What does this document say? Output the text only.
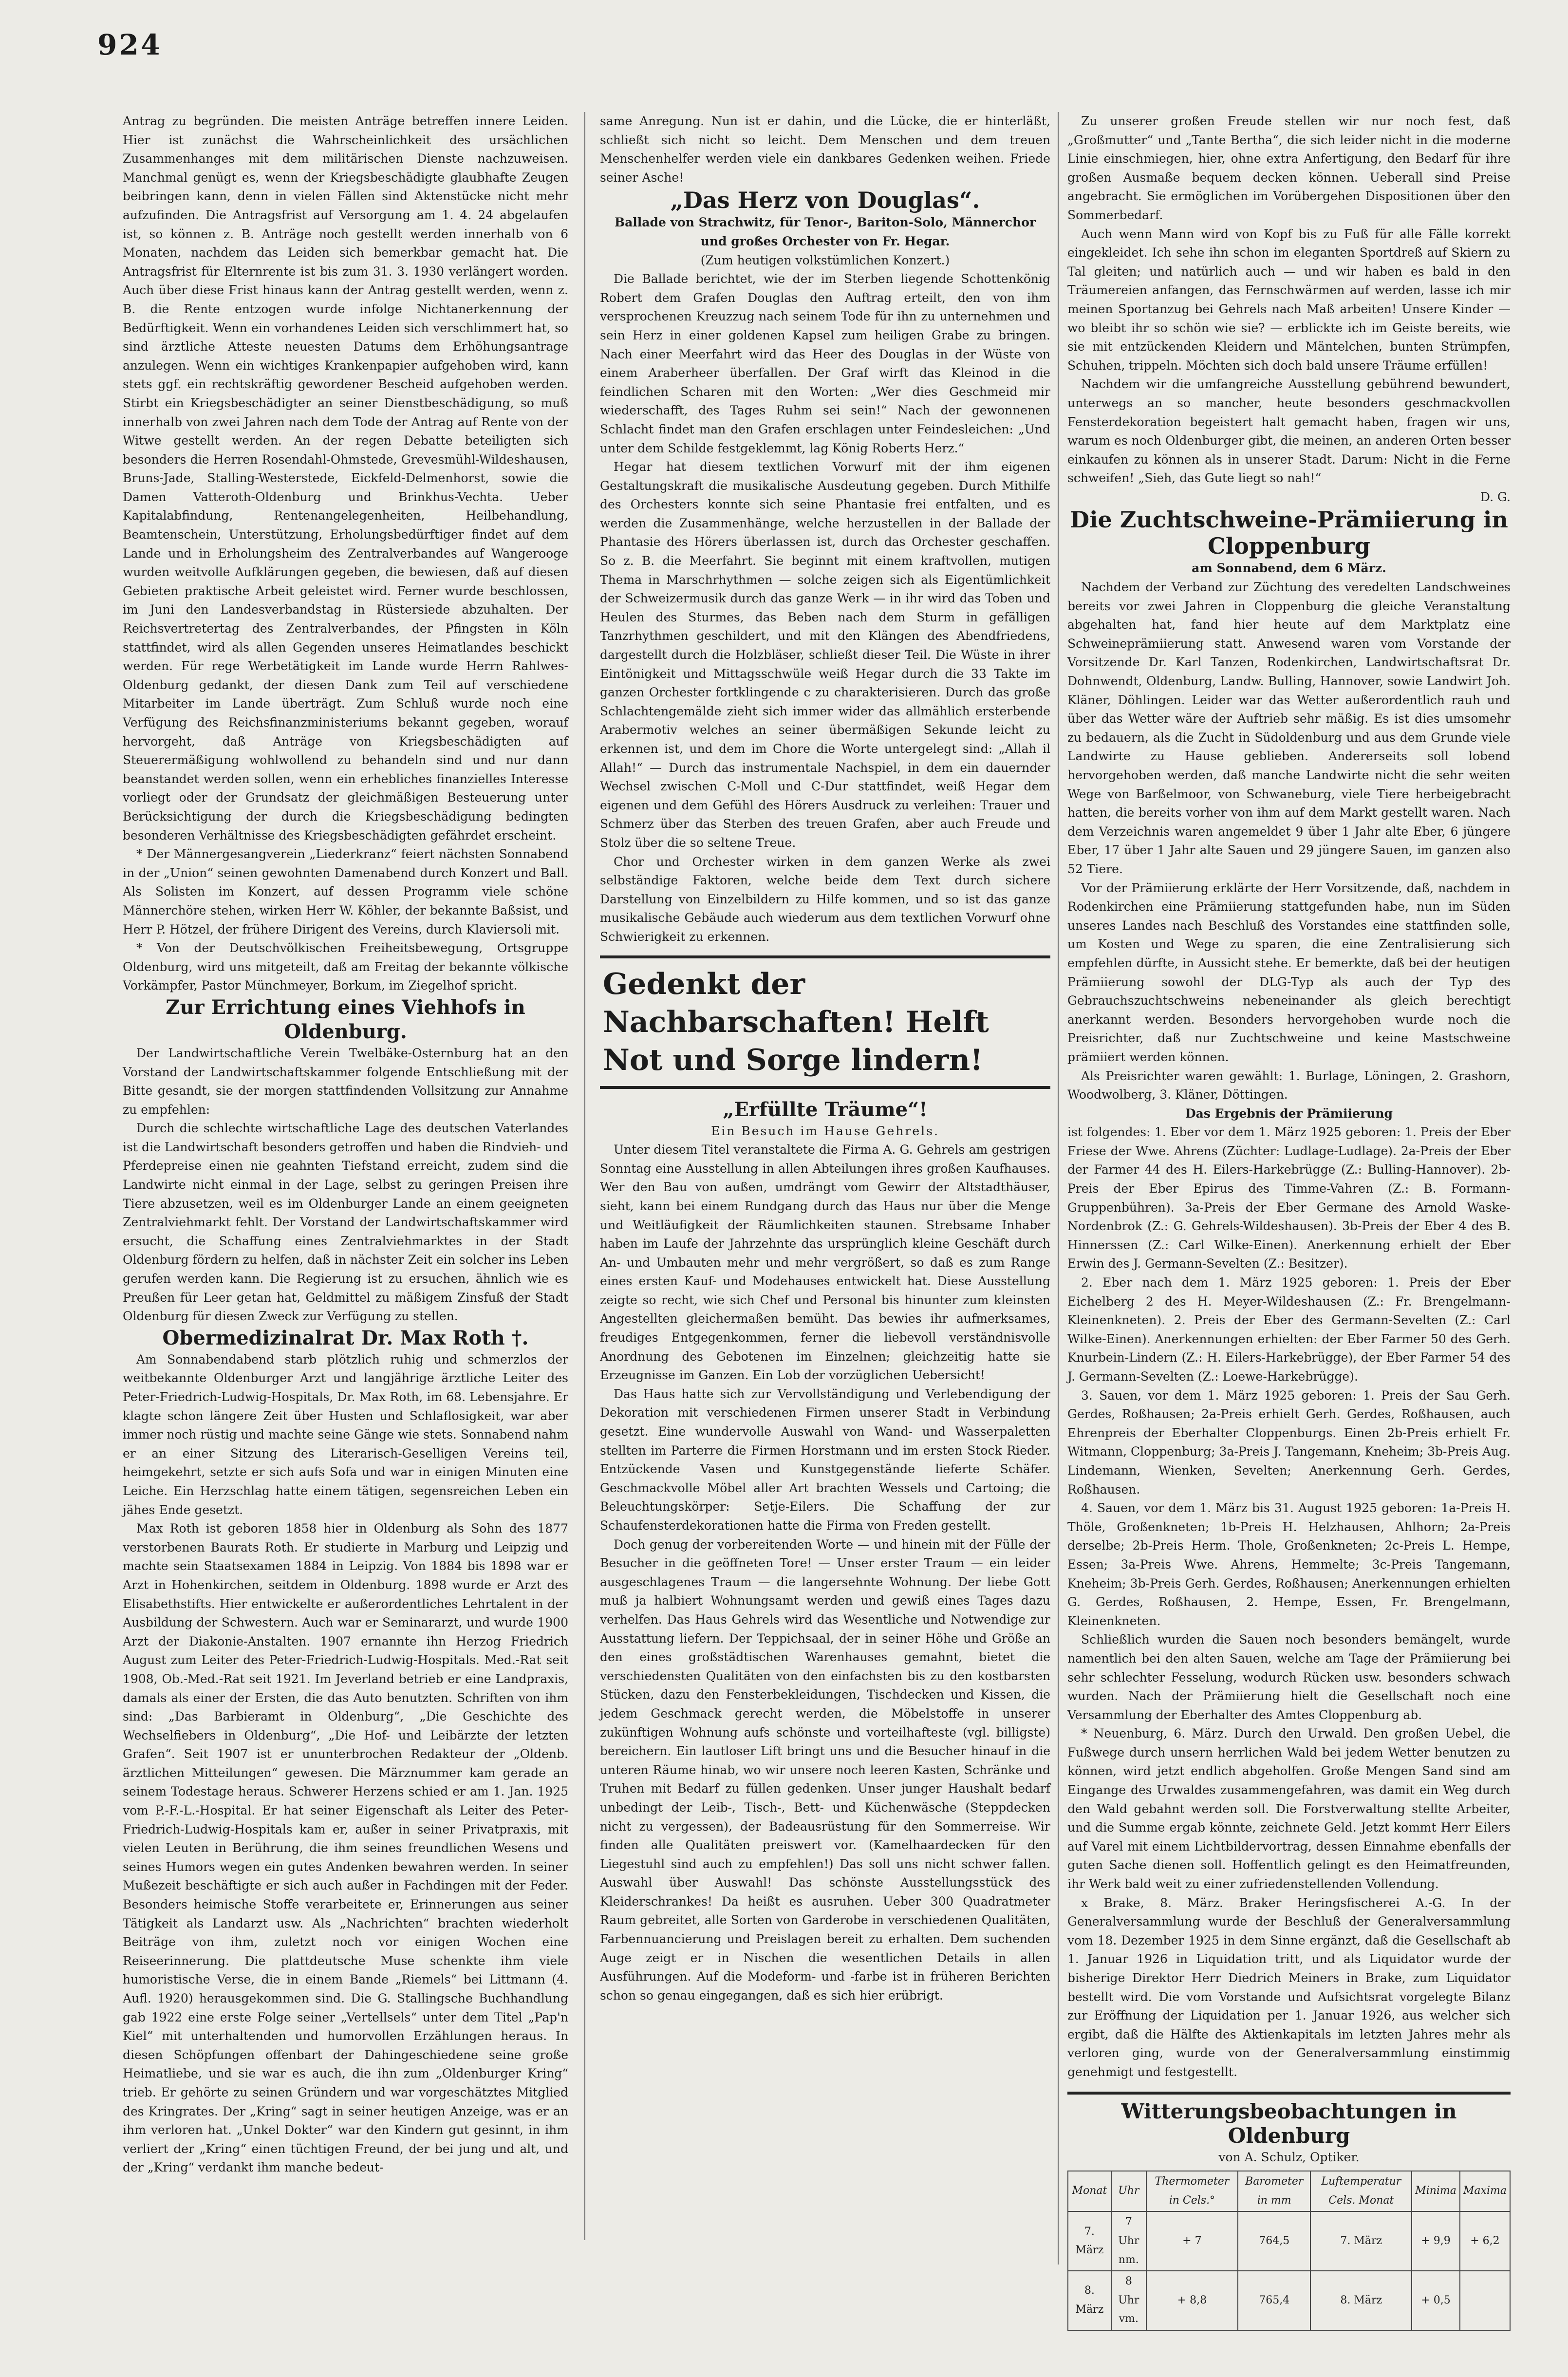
924

Antrag zu begründen. Die meisten Anträge betreffen innere Leiden. Hier ist zunächst die Wahrscheinlichkeit des ursächlichen Zusammenhanges mit dem militärischen Dienste nachzuweisen. Manchmal genügt es, wenn der Kriegsbeschädigte glaubhafte Zeugen beibringen kann, denn in vielen Fällen sind Aktenstücke nicht mehr aufzufinden. Die Antragsfrist auf Versorgung am 1. 4. 24 abgelaufen ist, so können z. B. Anträge noch gestellt werden innerhalb von 6 Monaten, nachdem das Leiden sich bemerkbar gemacht hat. Die Antragsfrist für Elternrente ist bis zum 31. 3. 1930 verlängert worden. Auch über diese Frist hinaus kann der Antrag gestellt werden, wenn z. B. die Rente entzogen wurde infolge Nichtanerkennung der Bedürftigkeit. Wenn ein vorhandenes Leiden sich verschlimmert hat, so sind ärztliche Atteste neuesten Datums dem Erhöhungsantrage anzulegen. Wenn ein wichtiges Krankenpapier aufgehoben wird, kann stets ggf. ein rechtskräftig gewordener Bescheid aufgehoben werden. Stirbt ein Kriegsbeschädigter an seiner Dienstbeschädigung, so muß innerhalb von zwei Jahren nach dem Tode der Antrag auf Rente von der Witwe gestellt werden. An der regen Debatte beteiligten sich besonders die Herren Rosendahl-Ohmstede, Grevesmühl-Wildeshausen, Bruns-Jade, Stalling-Westerstede, Eickfeld-Delmenhorst, sowie die Damen Vatteroth-Oldenburg und Brinkhus-Vechta. Ueber Kapitalabfindung, Rentenangelegenheiten, Heilbehandlung, Beamtenschein, Unterstützung, Erholungsbedürftiger findet auf dem Lande und in Erholungsheim des Zentralverbandes auf Wangerooge wurden weitvolle Aufklärungen gegeben, die bewiesen, daß auf diesen Gebieten praktische Arbeit geleistet wird. Ferner wurde beschlossen, im Juni den Landesverbandstag in Rüstersiede abzuhalten. Der Reichsvertretertag des Zentralverbandes, der Pfingsten in Köln stattfindet, wird als allen Gegenden unseres Heimatlandes beschickt werden. Für rege Werbetätigkeit im Lande wurde Herrn Rahlwes-Oldenburg gedankt, der diesen Dank zum Teil auf verschiedene Mitarbeiter im Lande überträgt. Zum Schluß wurde noch eine Verfügung des Reichsfinanzministeriums bekannt gegeben, worauf hervorgeht, daß Anträge von Kriegsbeschädigten auf Steuerermäßigung wohlwollend zu behandeln sind und nur dann beanstandet werden sollen, wenn ein erhebliches finanzielles Interesse vorliegt oder der Grundsatz der gleichmäßigen Besteuerung unter Berücksichtigung der durch die Kriegsbeschädigung bedingten besonderen Verhältnisse des Kriegsbeschädigten gefährdet erscheint.

* Der Männergesangverein „Liederkranz“ feiert nächsten Sonnabend in der „Union“ seinen gewohnten Damenabend durch Konzert und Ball. Als Solisten im Konzert, auf dessen Programm viele schöne Männerchöre stehen, wirken Herr W. Köhler, der bekannte Baßsist, und Herr P. Hötzel, der frühere Dirigent des Vereins, durch Klaviersoli mit.

* Von der Deutschvölkischen Freiheitsbewegung, Ortsgruppe Oldenburg, wird uns mitgeteilt, daß am Freitag der bekannte völkische Vorkämpfer, Pastor Münchmeyer, Borkum, im Ziegelhof spricht.

Zur Errichtung eines Viehhofs in Oldenburg.

Der Landwirtschaftliche Verein Twelbäke-Osternburg hat an den Vorstand der Landwirtschaftskammer folgende Entschließung mit der Bitte gesandt, sie der morgen stattfindenden Vollsitzung zur Annahme zu empfehlen:

Durch die schlechte wirtschaftliche Lage des deutschen Vaterlandes ist die Landwirtschaft besonders getroffen und haben die Rindvieh- und Pferdepreise einen nie geahnten Tiefstand erreicht, zudem sind die Landwirte nicht einmal in der Lage, selbst zu geringen Preisen ihre Tiere abzusetzen, weil es im Oldenburger Lande an einem geeigneten Zentralviehmarkt fehlt. Der Vorstand der Landwirtschaftskammer wird ersucht, die Schaffung eines Zentralviehmarktes in der Stadt Oldenburg fördern zu helfen, daß in nächster Zeit ein solcher ins Leben gerufen werden kann. Die Regierung ist zu ersuchen, ähnlich wie es Preußen für Leer getan hat, Geldmittel zu mäßigem Zinsfuß der Stadt Oldenburg für diesen Zweck zur Verfügung zu stellen.

Obermedizinalrat Dr. Max Roth †.

Am Sonnabendabend starb plötzlich ruhig und schmerzlos der weitbekannte Oldenburger Arzt und langjährige ärztliche Leiter des Peter-Friedrich-Ludwig-Hospitals, Dr. Max Roth, im 68. Lebensjahre. Er klagte schon längere Zeit über Husten und Schlaflosigkeit, war aber immer noch rüstig und machte seine Gänge wie stets. Sonnabend nahm er an einer Sitzung des Literarisch-Geselligen Vereins teil, heimgekehrt, setzte er sich aufs Sofa und war in einigen Minuten eine Leiche. Ein Herzschlag hatte einem tätigen, segensreichen Leben ein jähes Ende gesetzt.

Max Roth ist geboren 1858 hier in Oldenburg als Sohn des 1877 verstorbenen Baurats Roth. Er studierte in Marburg und Leipzig und machte sein Staatsexamen 1884 in Leipzig. Von 1884 bis 1898 war er Arzt in Hohenkirchen, seitdem in Oldenburg. 1898 wurde er Arzt des Elisabethstifts. Hier entwickelte er außerordentliches Lehrtalent in der Ausbildung der Schwestern. Auch war er Seminararzt, und wurde 1900 Arzt der Diakonie-Anstalten. 1907 ernannte ihn Herzog Friedrich August zum Leiter des Peter-Friedrich-Ludwig-Hospitals. Med.-Rat seit 1908, Ob.-Med.-Rat seit 1921. Im Jeverland betrieb er eine Landpraxis, damals als einer der Ersten, die das Auto benutzten. Schriften von ihm sind: „Das Barbieramt in Oldenburg“, „Die Geschichte des Wechselfiebers in Oldenburg“, „Die Hof- und Leibärzte der letzten Grafen“. Seit 1907 ist er ununterbrochen Redakteur der „Oldenb. ärztlichen Mitteilungen“ gewesen. Die Märznummer kam gerade an seinem Todestage heraus. Schwerer Herzens schied er am 1. Jan. 1925 vom P.-F.-L.-Hospital. Er hat seiner Eigenschaft als Leiter des Peter-Friedrich-Ludwig-Hospitals kam er, außer in seiner Privatpraxis, mit vielen Leuten in Berührung, die ihm seines freundlichen Wesens und seines Humors wegen ein gutes Andenken bewahren werden. In seiner Mußezeit beschäftigte er sich auch außer in Fachdingen mit der Feder. Besonders heimische Stoffe verarbeitete er, Erinnerungen aus seiner Tätigkeit als Landarzt usw. Als „Nachrichten“ brachten wiederholt Beiträge von ihm, zuletzt noch vor einigen Wochen eine Reiseerinnerung. Die plattdeutsche Muse schenkte ihm viele humoristische Verse, die in einem Bande „Riemels“ bei Littmann (4. Aufl. 1920) herausgekommen sind. Die G. Stallingsche Buchhandlung gab 1922 eine erste Folge seiner „Vertellsels“ unter dem Titel „Pap'n Kiel“ mit unterhaltenden und humorvollen Erzählungen heraus. In diesen Schöpfungen offenbart der Dahingeschiedene seine große Heimatliebe, und sie war es auch, die ihn zum „Oldenburger Kring“ trieb. Er gehörte zu seinen Gründern und war vorgeschätztes Mitglied des Kringrates. Der „Kring“ sagt in seiner heutigen Anzeige, was er an ihm verloren hat. „Unkel Dokter“ war den Kindern gut gesinnt, in ihm verliert der „Kring“ einen tüchtigen Freund, der bei jung und alt, und der „Kring“ verdankt ihm manche bedeut-

same Anregung. Nun ist er dahin, und die Lücke, die er hinterläßt, schließt sich nicht so leicht. Dem Menschen und dem treuen Menschenhelfer werden viele ein dankbares Gedenken weihen. Friede seiner Asche!

„Das Herz von Douglas“.

Ballade von Strachwitz, für Tenor-, Bariton-Solo, Männerchor und großes Orchester von Fr. Hegar.

(Zum heutigen volkstümlichen Konzert.)

Die Ballade berichtet, wie der im Sterben liegende Schottenkönig Robert dem Grafen Douglas den Auftrag erteilt, den von ihm versprochenen Kreuzzug nach seinem Tode für ihn zu unternehmen und sein Herz in einer goldenen Kapsel zum heiligen Grabe zu bringen. Nach einer Meerfahrt wird das Heer des Douglas in der Wüste von einem Araberheer überfallen. Der Graf wirft das Kleinod in die feindlichen Scharen mit den Worten: „Wer dies Geschmeid mir wiederschafft, des Tages Ruhm sei sein!“ Nach der gewonnenen Schlacht findet man den Grafen erschlagen unter Feindesleichen: „Und unter dem Schilde festgeklemmt, lag König Roberts Herz.“

Hegar hat diesem textlichen Vorwurf mit der ihm eigenen Gestaltungskraft die musikalische Ausdeutung gegeben. Durch Mithilfe des Orchesters konnte sich seine Phantasie frei entfalten, und es werden die Zusammenhänge, welche herzustellen in der Ballade der Phantasie des Hörers überlassen ist, durch das Orchester geschaffen. So z. B. die Meerfahrt. Sie beginnt mit einem kraftvollen, mutigen Thema in Marschrhythmen — solche zeigen sich als Eigentümlichkeit der Schweizermusik durch das ganze Werk — in ihr wird das Toben und Heulen des Sturmes, das Beben nach dem Sturm in gefälligen Tanzrhythmen geschildert, und mit den Klängen des Abendfriedens, dargestellt durch die Holzbläser, schließt dieser Teil. Die Wüste in ihrer Eintönigkeit und Mittagsschwüle weiß Hegar durch die 33 Takte im ganzen Orchester fortklingende c zu charakterisieren. Durch das große Schlachtengemälde zieht sich immer wider das allmählich ersterbende Arabermotiv welches an seiner übermäßigen Sekunde leicht zu erkennen ist, und dem im Chore die Worte untergelegt sind: „Allah il Allah!“ — Durch das instrumentale Nachspiel, in dem ein dauernder Wechsel zwischen C-Moll und C-Dur stattfindet, weiß Hegar dem eigenen und dem Gefühl des Hörers Ausdruck zu verleihen: Trauer und Schmerz über das Sterben des treuen Grafen, aber auch Freude und Stolz über die so seltene Treue.

Chor und Orchester wirken in dem ganzen Werke als zwei selbständige Faktoren, welche beide dem Text durch sichere Darstellung von Einzelbildern zu Hilfe kommen, und so ist das ganze musikalische Gebäude auch wiederum aus dem textlichen Vorwurf ohne Schwierigkeit zu erkennen.

Gedenkt der Nachbarschaften! Helft Not und Sorge lindern!

„Erfüllte Träume“!

Ein Besuch im Hause Gehrels.

Unter diesem Titel veranstaltete die Firma A. G. Gehrels am gestrigen Sonntag eine Ausstellung in allen Abteilungen ihres großen Kaufhauses. Wer den Bau von außen, umdrängt vom Gewirr der Altstadthäuser, sieht, kann bei einem Rundgang durch das Haus nur über die Menge und Weitläufigkeit der Räumlichkeiten staunen. Strebsame Inhaber haben im Laufe der Jahrzehnte das ursprünglich kleine Geschäft durch An- und Umbauten mehr und mehr vergrößert, so daß es zum Range eines ersten Kauf- und Modehauses entwickelt hat. Diese Ausstellung zeigte so recht, wie sich Chef und Personal bis hinunter zum kleinsten Angestellten gleichermaßen bemüht. Das bewies ihr aufmerksames, freudiges Entgegenkommen, ferner die liebevoll verständnisvolle Anordnung des Gebotenen im Einzelnen; gleichzeitig hatte sie Erzeugnisse im Ganzen. Ein Lob der vorzüglichen Uebersicht!

Das Haus hatte sich zur Vervollständigung und Verlebendigung der Dekoration mit verschiedenen Firmen unserer Stadt in Verbindung gesetzt. Eine wundervolle Auswahl von Wand- und Wasserpaletten stellten im Parterre die Firmen Horstmann und im ersten Stock Rieder. Entzückende Vasen und Kunstgegenstände lieferte Schäfer. Geschmackvolle Möbel aller Art brachten Wessels und Cartoing; die Beleuchtungskörper: Setje-Eilers. Die Schaffung der zur Schaufensterdekorationen hatte die Firma von Freden gestellt.

Doch genug der vorbereitenden Worte — und hinein mit der Fülle der Besucher in die geöffneten Tore! — Unser erster Traum — ein leider ausgeschlagenes Traum — die langersehnte Wohnung. Der liebe Gott muß ja halbiert Wohnungsamt werden und gewiß eines Tages dazu verhelfen. Das Haus Gehrels wird das Wesentliche und Notwendige zur Ausstattung liefern. Der Teppichsaal, der in seiner Höhe und Größe an den eines großstädtischen Warenhauses gemahnt, bietet die verschiedensten Qualitäten von den einfachsten bis zu den kostbarsten Stücken, dazu den Fensterbekleidungen, Tischdecken und Kissen, die jedem Geschmack gerecht werden, die Möbelstoffe in unserer zukünftigen Wohnung aufs schönste und vorteilhafteste (vgl. billigste) bereichern. Ein lautloser Lift bringt uns und die Besucher hinauf in die unteren Räume hinab, wo wir unsere noch leeren Kasten, Schränke und Truhen mit Bedarf zu füllen gedenken. Unser junger Haushalt bedarf unbedingt der Leib-, Tisch-, Bett- und Küchenwäsche (Steppdecken nicht zu vergessen), der Badeausrüstung für den Sommerreise. Wir finden alle Qualitäten preiswert vor. (Kamelhaardecken für den Liegestuhl sind auch zu empfehlen!) Das soll uns nicht schwer fallen. Auswahl über Auswahl! Das schönste Ausstellungsstück des Kleiderschrankes! Da heißt es ausruhen. Ueber 300 Quadratmeter Raum gebreitet, alle Sorten von Garderobe in verschiedenen Qualitäten, Farbennuancierung und Preislagen bereit zu erhalten. Dem suchenden Auge zeigt er in Nischen die wesentlichen Details in allen Ausführungen. Auf die Modeform- und -farbe ist in früheren Berichten schon so genau eingegangen, daß es sich hier erübrigt.

Zu unserer großen Freude stellen wir nur noch fest, daß „Großmutter“ und „Tante Bertha“, die sich leider nicht in die moderne Linie einschmiegen, hier, ohne extra Anfertigung, den Bedarf für ihre großen Ausmaße bequem decken können. Ueberall sind Preise angebracht. Sie ermöglichen im Vorübergehen Dispositionen über den Sommerbedarf.

Auch wenn Mann wird von Kopf bis zu Fuß für alle Fälle korrekt eingekleidet. Ich sehe ihn schon im eleganten Sportdreß auf Skiern zu Tal gleiten; und natürlich auch — und wir haben es bald in den Träumereien anfangen, das Fernschwärmen auf werden, lasse ich mir meinen Sportanzug bei Gehrels nach Maß arbeiten! Unsere Kinder — wo bleibt ihr so schön wie sie? — erblickte ich im Geiste bereits, wie sie mit entzückenden Kleidern und Mäntelchen, bunten Strümpfen, Schuhen, trippeln. Möchten sich doch bald unsere Träume erfüllen!

Nachdem wir die umfangreiche Ausstellung gebührend bewundert, unterwegs an so mancher, heute besonders geschmackvollen Fensterdekoration begeistert halt gemacht haben, fragen wir uns, warum es noch Oldenburger gibt, die meinen, an anderen Orten besser einkaufen zu können als in unserer Stadt. Darum: Nicht in die Ferne schweifen! „Sieh, das Gute liegt so nah!“

D. G.

Die Zuchtschweine-Prämiierung in Cloppenburg

am Sonnabend, dem 6 März.

Nachdem der Verband zur Züchtung des veredelten Landschweines bereits vor zwei Jahren in Cloppenburg die gleiche Veranstaltung abgehalten hat, fand hier heute auf dem Marktplatz eine Schweineprämiierung statt. Anwesend waren vom Vorstande der Vorsitzende Dr. Karl Tanzen, Rodenkirchen, Landwirtschaftsrat Dr. Dohnwendt, Oldenburg, Landw. Bulling, Hannover, sowie Landwirt Joh. Kläner, Döhlingen. Leider war das Wetter außerordentlich rauh und über das Wetter wäre der Auftrieb sehr mäßig. Es ist dies umsomehr zu bedauern, als die Zucht in Südoldenburg und aus dem Grunde viele Landwirte zu Hause geblieben. Andererseits soll lobend hervorgehoben werden, daß manche Landwirte nicht die sehr weiten Wege von Barßelmoor, von Schwaneburg, viele Tiere herbeigebracht hatten, die bereits vorher von ihm auf dem Markt gestellt waren. Nach dem Verzeichnis waren angemeldet 9 über 1 Jahr alte Eber, 6 jüngere Eber, 17 über 1 Jahr alte Sauen und 29 jüngere Sauen, im ganzen also 52 Tiere.

Vor der Prämiierung erklärte der Herr Vorsitzende, daß, nachdem in Rodenkirchen eine Prämiierung stattgefunden habe, nun im Süden unseres Landes nach Beschluß des Vorstandes eine stattfinden solle, um Kosten und Wege zu sparen, die eine Zentralisierung sich empfehlen dürfte, in Aussicht stehe. Er bemerkte, daß bei der heutigen Prämiierung sowohl der DLG-Typ als auch der Typ des Gebrauchszuchtschweins nebeneinander als gleich berechtigt anerkannt werden. Besonders hervorgehoben wurde noch die Preisrichter, daß nur Zuchtschweine und keine Mastschweine prämiiert werden können.

Als Preisrichter waren gewählt: 1. Burlage, Löningen, 2. Grashorn, Woodwolberg, 3. Kläner, Döttingen.

Das Ergebnis der Prämiierung

ist folgendes: 1. Eber vor dem 1. März 1925 geboren: 1. Preis der Eber Friese der Wwe. Ahrens (Züchter: Ludlage-Ludlage). 2a-Preis der Eber der Farmer 44 des H. Eilers-Harkebrügge (Z.: Bulling-Hannover). 2b-Preis der Eber Epirus des Timme-Vahren (Z.: B. Formann-Gruppenbühren). 3a-Preis der Eber Germane des Arnold Waske-Nordenbrok (Z.: G. Gehrels-Wildeshausen). 3b-Preis der Eber 4 des B. Hinnerssen (Z.: Carl Wilke-Einen). Anerkennung erhielt der Eber Erwin des J. Germann-Sevelten (Z.: Besitzer).

2. Eber nach dem 1. März 1925 geboren: 1. Preis der Eber Eichelberg 2 des H. Meyer-Wildeshausen (Z.: Fr. Brengelmann-Kleinenkneten). 2. Preis der Eber des Germann-Sevelten (Z.: Carl Wilke-Einen). Anerkennungen erhielten: der Eber Farmer 50 des Gerh. Knurbein-Lindern (Z.: H. Eilers-Harkebrügge), der Eber Farmer 54 des J. Germann-Sevelten (Z.: Loewe-Harkebrügge).

3. Sauen, vor dem 1. März 1925 geboren: 1. Preis der Sau Gerh. Gerdes, Roßhausen; 2a-Preis erhielt Gerh. Gerdes, Roßhausen, auch Ehrenpreis der Eberhalter Cloppenburgs. Einen 2b-Preis erhielt Fr. Witmann, Cloppenburg; 3a-Preis J. Tangemann, Kneheim; 3b-Preis Aug. Lindemann, Wienken, Sevelten; Anerkennung Gerh. Gerdes, Roßhausen.

4. Sauen, vor dem 1. März bis 31. August 1925 geboren: 1a-Preis H. Thöle, Großenkneten; 1b-Preis H. Helzhausen, Ahlhorn; 2a-Preis derselbe; 2b-Preis Herm. Thole, Großenkneten; 2c-Preis L. Hempe, Essen; 3a-Preis Wwe. Ahrens, Hemmelte; 3c-Preis Tangemann, Kneheim; 3b-Preis Gerh. Gerdes, Roßhausen; Anerkennungen erhielten G. Gerdes, Roßhausen, 2. Hempe, Essen, Fr. Brengelmann, Kleinenkneten.

Schließlich wurden die Sauen noch besonders bemängelt, wurde namentlich bei den alten Sauen, welche am Tage der Prämiierung bei sehr schlechter Fesselung, wodurch Rücken usw. besonders schwach wurden. Nach der Prämiierung hielt die Gesellschaft noch eine Versammlung der Eberhalter des Amtes Cloppenburg ab.

* Neuenburg, 6. März. Durch den Urwald. Den großen Uebel, die Fußwege durch unsern herrlichen Wald bei jedem Wetter benutzen zu können, wird jetzt endlich abgeholfen. Große Mengen Sand sind am Eingange des Urwaldes zusammengefahren, was damit ein Weg durch den Wald gebahnt werden soll. Die Forstverwaltung stellte Arbeiter, und die Summe ergab könnte, zeichnete Geld. Jetzt kommt Herr Eilers auf Varel mit einem Lichtbildervortrag, dessen Einnahme ebenfalls der guten Sache dienen soll. Hoffentlich gelingt es den Heimatfreunden, ihr Werk bald weit zu einer zufriedenstellenden Vollendung.

x Brake, 8. März. Braker Heringsfischerei A.-G. In der Generalversammlung wurde der Beschluß der Generalversammlung vom 18. Dezember 1925 in dem Sinne ergänzt, daß die Gesellschaft ab 1. Januar 1926 in Liquidation tritt, und als Liquidator wurde der bisherige Direktor Herr Diedrich Meiners in Brake, zum Liquidator bestellt wird. Die vom Vorstande und Aufsichtsrat vorgelegte Bilanz zur Eröffnung der Liquidation per 1. Januar 1926, aus welcher sich ergibt, daß die Hälfte des Aktienkapitals im letzten Jahres mehr als verloren ging, wurde von der Generalversammlung einstimmig genehmigt und festgestellt.

Witterungsbeobachtungen in Oldenburg
von A. Schulz, Optiker.
Monat	Uhr	Thermometer in Cels.°	Barometer in mm	Luftemperatur Cels. Monat	Minima	Maxima
7. März	7 Uhr nm.	+ 7	764,5	7. März	+ 9,9	+ 6,2
8. März	8 Uhr vm.	+ 8,8	765,4	8. März	+ 0,5	
